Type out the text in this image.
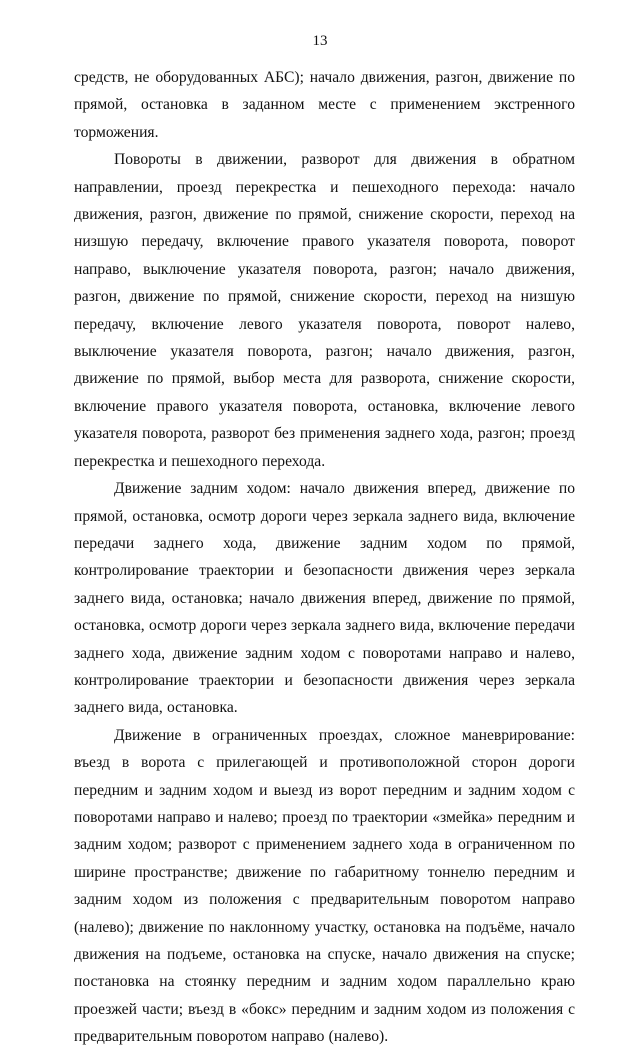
13

средств, не оборудованных АБС); начало движения, разгон, движение по прямой, остановка в заданном месте с применением экстренного торможения.

Повороты в движении, разворот для движения в обратном направлении, проезд перекрестка и пешеходного перехода: начало движения, разгон, движение по прямой, снижение скорости, переход на низшую передачу, включение правого указателя поворота, поворот направо, выключение указателя поворота, разгон; начало движения, разгон, движение по прямой, снижение скорости, переход на низшую передачу, включение левого указателя поворота, поворот налево, выключение указателя поворота, разгон; начало движения, разгон, движение по прямой, выбор места для разворота, снижение скорости, включение правого указателя поворота, остановка, включение левого указателя поворота, разворот без применения заднего хода, разгон; проезд перекрестка и пешеходного перехода.

Движение задним ходом: начало движения вперед, движение по прямой, остановка, осмотр дороги через зеркала заднего вида, включение передачи заднего хода, движение задним ходом по прямой, контролирование траектории и безопасности движения через зеркала заднего вида, остановка; начало движения вперед, движение по прямой, остановка, осмотр дороги через зеркала заднего вида, включение передачи заднего хода, движение задним ходом с поворотами направо и налево, контролирование траектории и безопасности движения через зеркала заднего вида, остановка.

Движение в ограниченных проездах, сложное маневрирование: въезд в ворота с прилегающей и противоположной сторон дороги передним и задним ходом и выезд из ворот передним и задним ходом с поворотами направо и налево; проезд по траектории «змейка» передним и задним ходом; разворот с применением заднего хода в ограниченном по ширине пространстве; движение по габаритному тоннелю передним и задним ходом из положения с предварительным поворотом направо (налево); движение по наклонному участку, остановка на подъёме, начало движения на подъеме, остановка на спуске, начало движения на спуске; постановка на стоянку передним и задним ходом параллельно краю проезжей части; въезд в «бокс» передним и задним ходом из положения с предварительным поворотом направо (налево).
